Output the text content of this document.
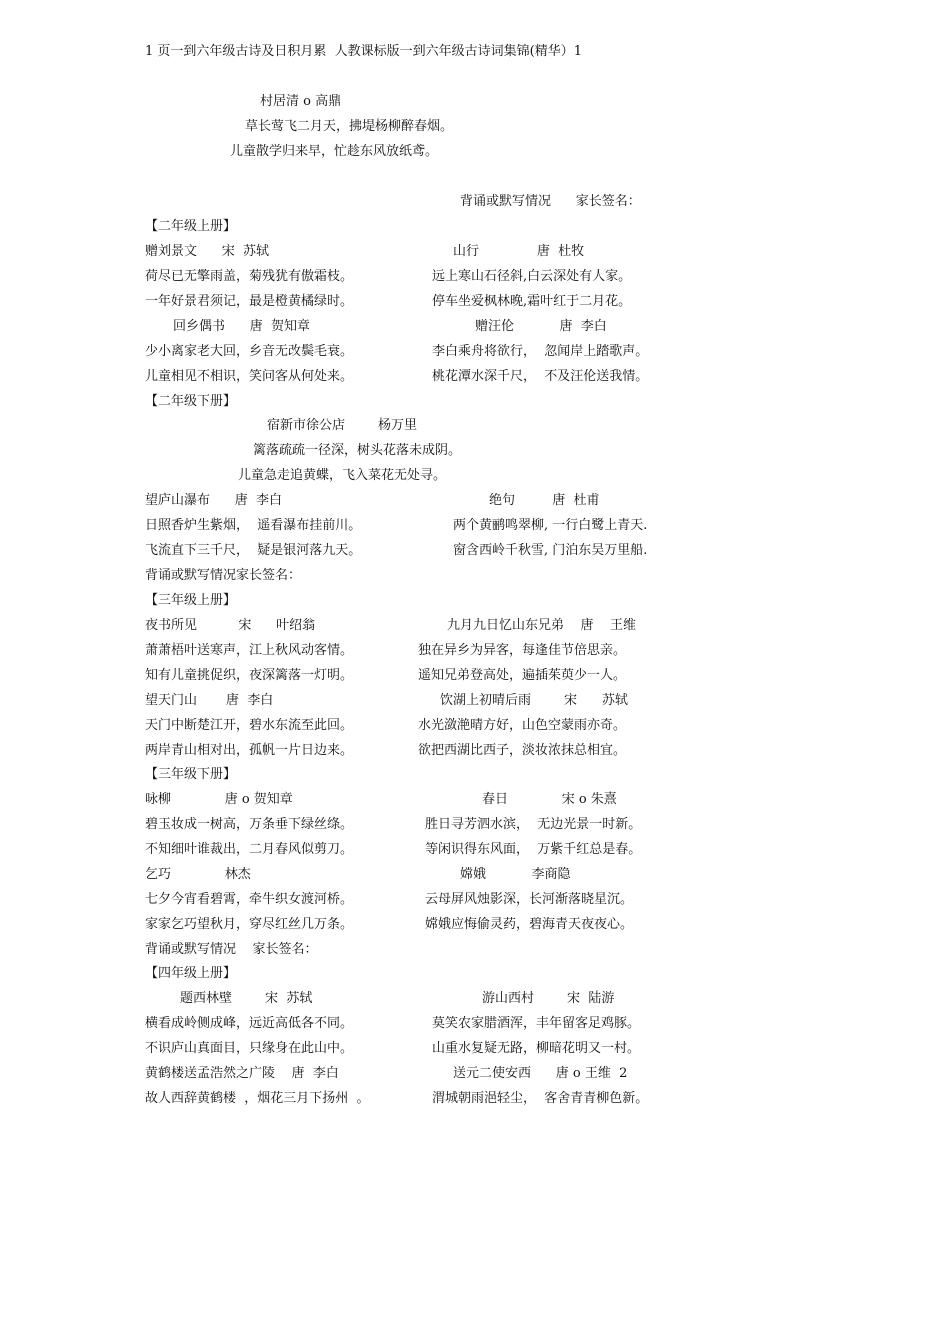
1 页一到六年级古诗及日积月累  人教课标版一到六年级古诗词集锦(精华）1
村居清 o 高鼎
草长莺飞二月天，拂堤杨柳醉春烟。
儿童散学归来早，忙趁东风放纸鸢。
背诵或默写情况      家长签名：
【二年级上册】
赠刘景文      宋  苏轼
荷尽已无擎雨盖，菊残犹有傲霜枝。
一年好景君须记，最是橙黄橘绿时。
回乡偶书      唐  贺知章
少小离家老大回，乡音无改鬓毛衰。
儿童相见不相识，笑问客从何处来。
山行              唐  杜牧
远上寒山石径斜,白云深处有人家。
停车坐爱枫林晚,霜叶红于二月花。
赠汪伦           唐  李白
李白乘舟将欲行，  忽闻岸上踏歌声。
桃花潭水深千尺，  不及汪伦送我情。
【二年级下册】
宿新市徐公店        杨万里
篱落疏疏一径深，树头花落未成阴。
儿童急走追黄蝶，飞入菜花无处寻。
望庐山瀑布      唐  李白
日照香炉生紫烟，  遥看瀑布挂前川。
飞流直下三千尺，  疑是银河落九天。
绝句         唐  杜甫
两个黄鹂鸣翠柳, 一行白鹭上青天.
窗含西岭千秋雪, 门泊东吴万里船.
背诵或默写情况家长签名：
【三年级上册】
夜书所见          宋      叶绍翁
萧萧梧叶送寒声，江上秋风动客情。
知有儿童挑促织，夜深篱落一灯明。
望天门山       唐  李白
天门中断楚江开，碧水东流至此回。
两岸青山相对出，孤帆一片日边来。
九月九日忆山东兄弟    唐    王维
独在异乡为异客，每逢佳节倍思亲。
遥知兄弟登高处，遍插茱萸少一人。
饮湖上初晴后雨        宋      苏轼
水光潋滟晴方好，山色空蒙雨亦奇。
欲把西湖比西子，淡妆浓抹总相宜。
【三年级下册】
咏柳             唐 o 贺知章
碧玉妆成一树高，万条垂下绿丝绦。
不知细叶谁裁出，二月春风似剪刀。
乞巧             林杰
七夕今宵看碧霄，牵牛织女渡河桥。
家家乞巧望秋月，穿尽红丝几万条。
春日             宋 o 朱熹
胜日寻芳泗水滨，  无边光景一时新。
等闲识得东风面，  万紫千红总是春。
嫦娥           李商隐
云母屏风烛影深，长河渐落晓星沉。
嫦娥应悔偷灵药，碧海青天夜夜心。
背诵或默写情况    家长签名：
【四年级上册】
题西林壁        宋  苏轼
横看成岭侧成峰，远近高低各不同。
不识庐山真面目，只缘身在此山中。
黄鹤楼送孟浩然之广陵    唐  李白
故人西辞黄鹤楼  ，烟花三月下扬州  。
游山西村        宋  陆游
莫笑农家腊酒浑，丰年留客足鸡豚。
山重水复疑无路，柳暗花明又一村。
送元二使安西      唐 o 王维  2
渭城朝雨浥轻尘，  客舍青青柳色新。
